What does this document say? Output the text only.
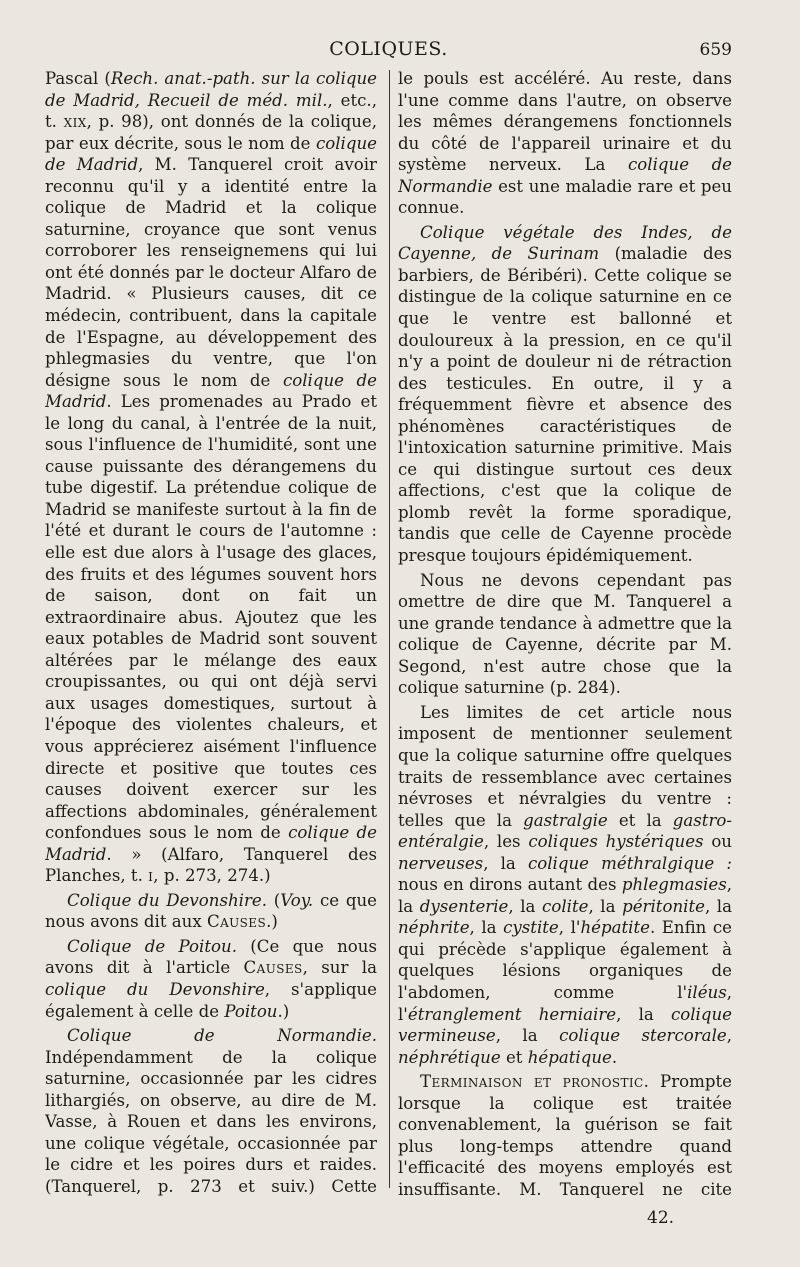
COLIQUES.	659

Pascal (Rech. anat.-path. sur la colique de Madrid, Recueil de méd. mil., etc., t. xix, p. 98), ont donnés de la colique, par eux décrite, sous le nom de colique de Madrid, M. Tanquerel croit avoir reconnu qu'il y a identité entre la colique de Madrid et la colique saturnine, croyance que sont venus corroborer les renseignemens qui lui ont été donnés par le docteur Alfaro de Madrid. « Plusieurs causes, dit ce médecin, contribuent, dans la capitale de l'Espagne, au développement des phlegmasies du ventre, que l'on désigne sous le nom de colique de Madrid. Les promenades au Prado et le long du canal, à l'entrée de la nuit, sous l'influence de l'humidité, sont une cause puissante des dérangemens du tube digestif. La prétendue colique de Madrid se manifeste surtout à la fin de l'été et durant le cours de l'automne : elle est due alors à l'usage des glaces, des fruits et des légumes souvent hors de saison, dont on fait un extraordinaire abus. Ajoutez que les eaux potables de Madrid sont souvent altérées par le mélange des eaux croupissantes, ou qui ont déjà servi aux usages domestiques, surtout à l'époque des violentes chaleurs, et vous apprécierez aisément l'influence directe et positive que toutes ces causes doivent exercer sur les affections abdominales, généralement confondues sous le nom de colique de Madrid. » (Alfaro, Tanquerel des Planches, t. i, p. 273, 274.)

Colique du Devonshire. (Voy. ce que nous avons dit aux Causes.)

Colique de Poitou. (Ce que nous avons dit à l'article Causes, sur la colique du Devonshire, s'applique également à celle de Poitou.)

Colique de Normandie. Indépendamment de la colique saturnine, occasionnée par les cidres lithargiés, on observe, au dire de M. Vasse, à Rouen et dans les environs, une colique végétale, occasionnée par le cidre et les poires durs et raides. (Tanquerel, p. 273 et suiv.) Cette

le pouls est accéléré. Au reste, dans l'une comme dans l'autre, on observe les mêmes dérangemens fonctionnels du côté de l'appareil urinaire et du système nerveux. La colique de Normandie est une maladie rare et peu connue.

Colique végétale des Indes, de Cayenne, de Surinam (maladie des barbiers, de Béribéri). Cette colique se distingue de la colique saturnine en ce que le ventre est ballonné et douloureux à la pression, en ce qu'il n'y a point de douleur ni de rétraction des testicules. En outre, il y a fréquemment fièvre et absence des phénomènes caractéristiques de l'intoxication saturnine primitive. Mais ce qui distingue surtout ces deux affections, c'est que la colique de plomb revêt la forme sporadique, tandis que celle de Cayenne procède presque toujours épidémiquement.

Nous ne devons cependant pas omettre de dire que M. Tanquerel a une grande tendance à admettre que la colique de Cayenne, décrite par M. Segond, n'est autre chose que la colique saturnine (p. 284).

Les limites de cet article nous imposent de mentionner seulement que la colique saturnine offre quelques traits de ressemblance avec certaines névroses et névralgies du ventre : telles que la gastralgie et la gastro-entéralgie, les coliques hystériques ou nerveuses, la colique méthralgique : nous en dirons autant des phlegmasies, la dysenterie, la colite, la péritonite, la néphrite, la cystite, l'hépatite. Enfin ce qui précède s'applique également à quelques lésions organiques de l'abdomen, comme l'iléus, l'étranglement herniaire, la colique vermineuse, la colique stercorale, néphrétique et hépatique.

Terminaison et pronostic. Prompte lorsque la colique est traitée convenablement, la guérison se fait plus long-temps attendre quand l'efficacité des moyens employés est insuffisante. M. Tanquerel ne cite

42.
